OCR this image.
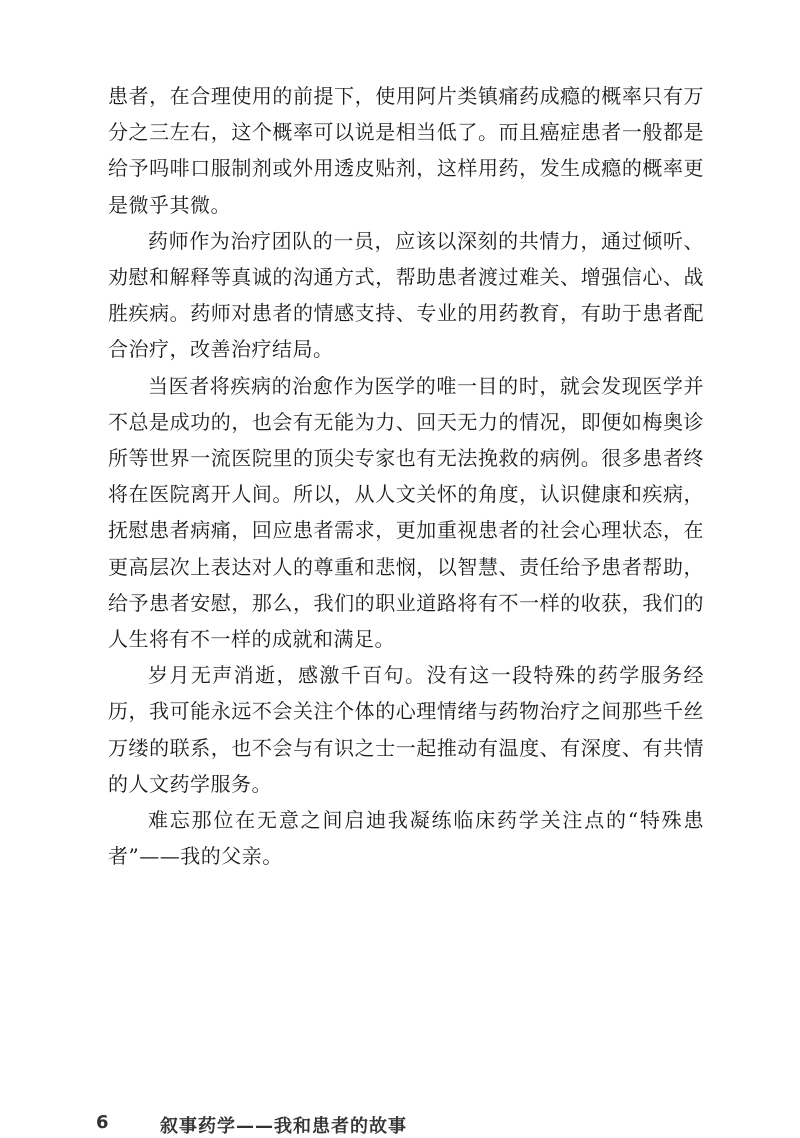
患者，在合理使用的前提下，使用阿片类镇痛药成瘾的概率只有万分之三左右，这个概率可以说是相当低了。而且癌症患者一般都是给予吗啡口服制剂或外用透皮贴剂，这样用药，发生成瘾的概率更是微乎其微。

药师作为治疗团队的一员，应该以深刻的共情力，通过倾听、劝慰和解释等真诚的沟通方式，帮助患者渡过难关、增强信心、战胜疾病。药师对患者的情感支持、专业的用药教育，有助于患者配合治疗，改善治疗结局。

当医者将疾病的治愈作为医学的唯一目的时，就会发现医学并不总是成功的，也会有无能为力、回天无力的情况，即便如梅奥诊所等世界一流医院里的顶尖专家也有无法挽救的病例。很多患者终将在医院离开人间。所以，从人文关怀的角度，认识健康和疾病，抚慰患者病痛，回应患者需求，更加重视患者的社会心理状态，在更高层次上表达对人的尊重和悲悯，以智慧、责任给予患者帮助，给予患者安慰，那么，我们的职业道路将有不一样的收获，我们的人生将有不一样的成就和满足。

岁月无声消逝，感激千百句。没有这一段特殊的药学服务经历，我可能永远不会关注个体的心理情绪与药物治疗之间那些千丝万缕的联系，也不会与有识之士一起推动有温度、有深度、有共情的人文药学服务。

难忘那位在无意之间启迪我凝练临床药学关注点的“特殊患者”——我的父亲。

6	叙事药学——我和患者的故事
